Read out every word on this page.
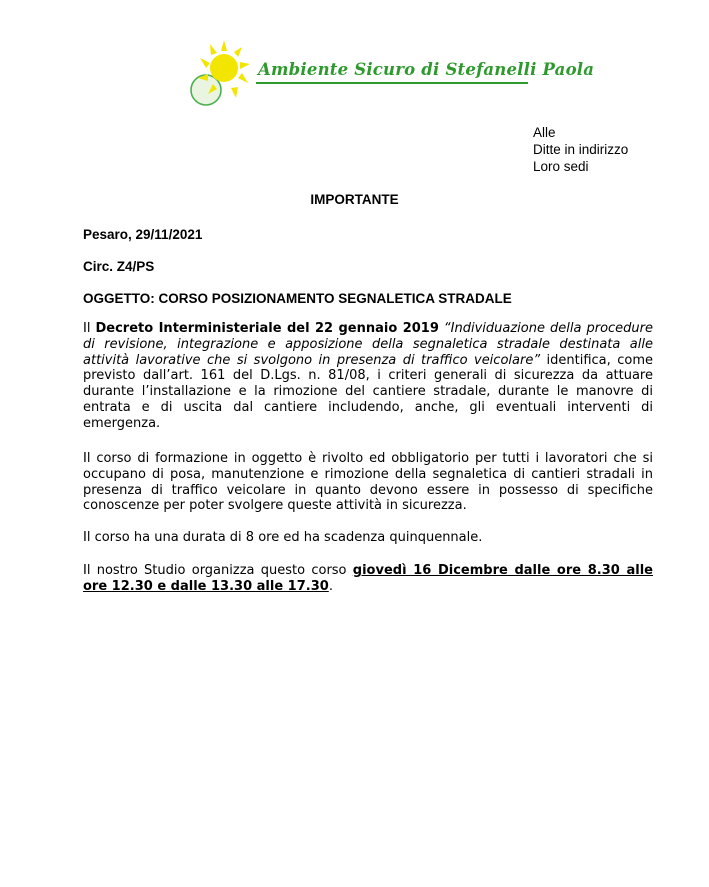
Ambiente Sicuro di Stefanelli Paola
Alle
Ditte in indirizzo
Loro sedi
IMPORTANTE
Pesaro, 29/11/2021
Circ. Z4/PS
OGGETTO: CORSO POSIZIONAMENTO SEGNALETICA STRADALE
Il Decreto Interministeriale del 22 gennaio 2019 “Individuazione della procedure di revisione, integrazione e apposizione della segnaletica stradale destinata alle attività lavorative che si svolgono in presenza di traffico veicolare” identifica, come previsto dall’art. 161 del D.Lgs. n. 81/08, i criteri generali di sicurezza da attuare durante l’installazione e la rimozione del cantiere stradale, durante le manovre di entrata e di uscita dal cantiere includendo, anche, gli eventuali interventi di emergenza.
Il corso di formazione in oggetto è rivolto ed obbligatorio per tutti i lavoratori che si occupano di posa, manutenzione e rimozione della segnaletica di cantieri stradali in presenza di traffico veicolare in quanto devono essere in possesso di specifiche conoscenze per poter svolgere queste attività in sicurezza.
Il corso ha una durata di 8 ore ed ha scadenza quinquennale.
Il nostro Studio organizza questo corso giovedì 16 Dicembre dalle ore 8.30 alle ore 12.30 e dalle 13.30 alle 17.30.
